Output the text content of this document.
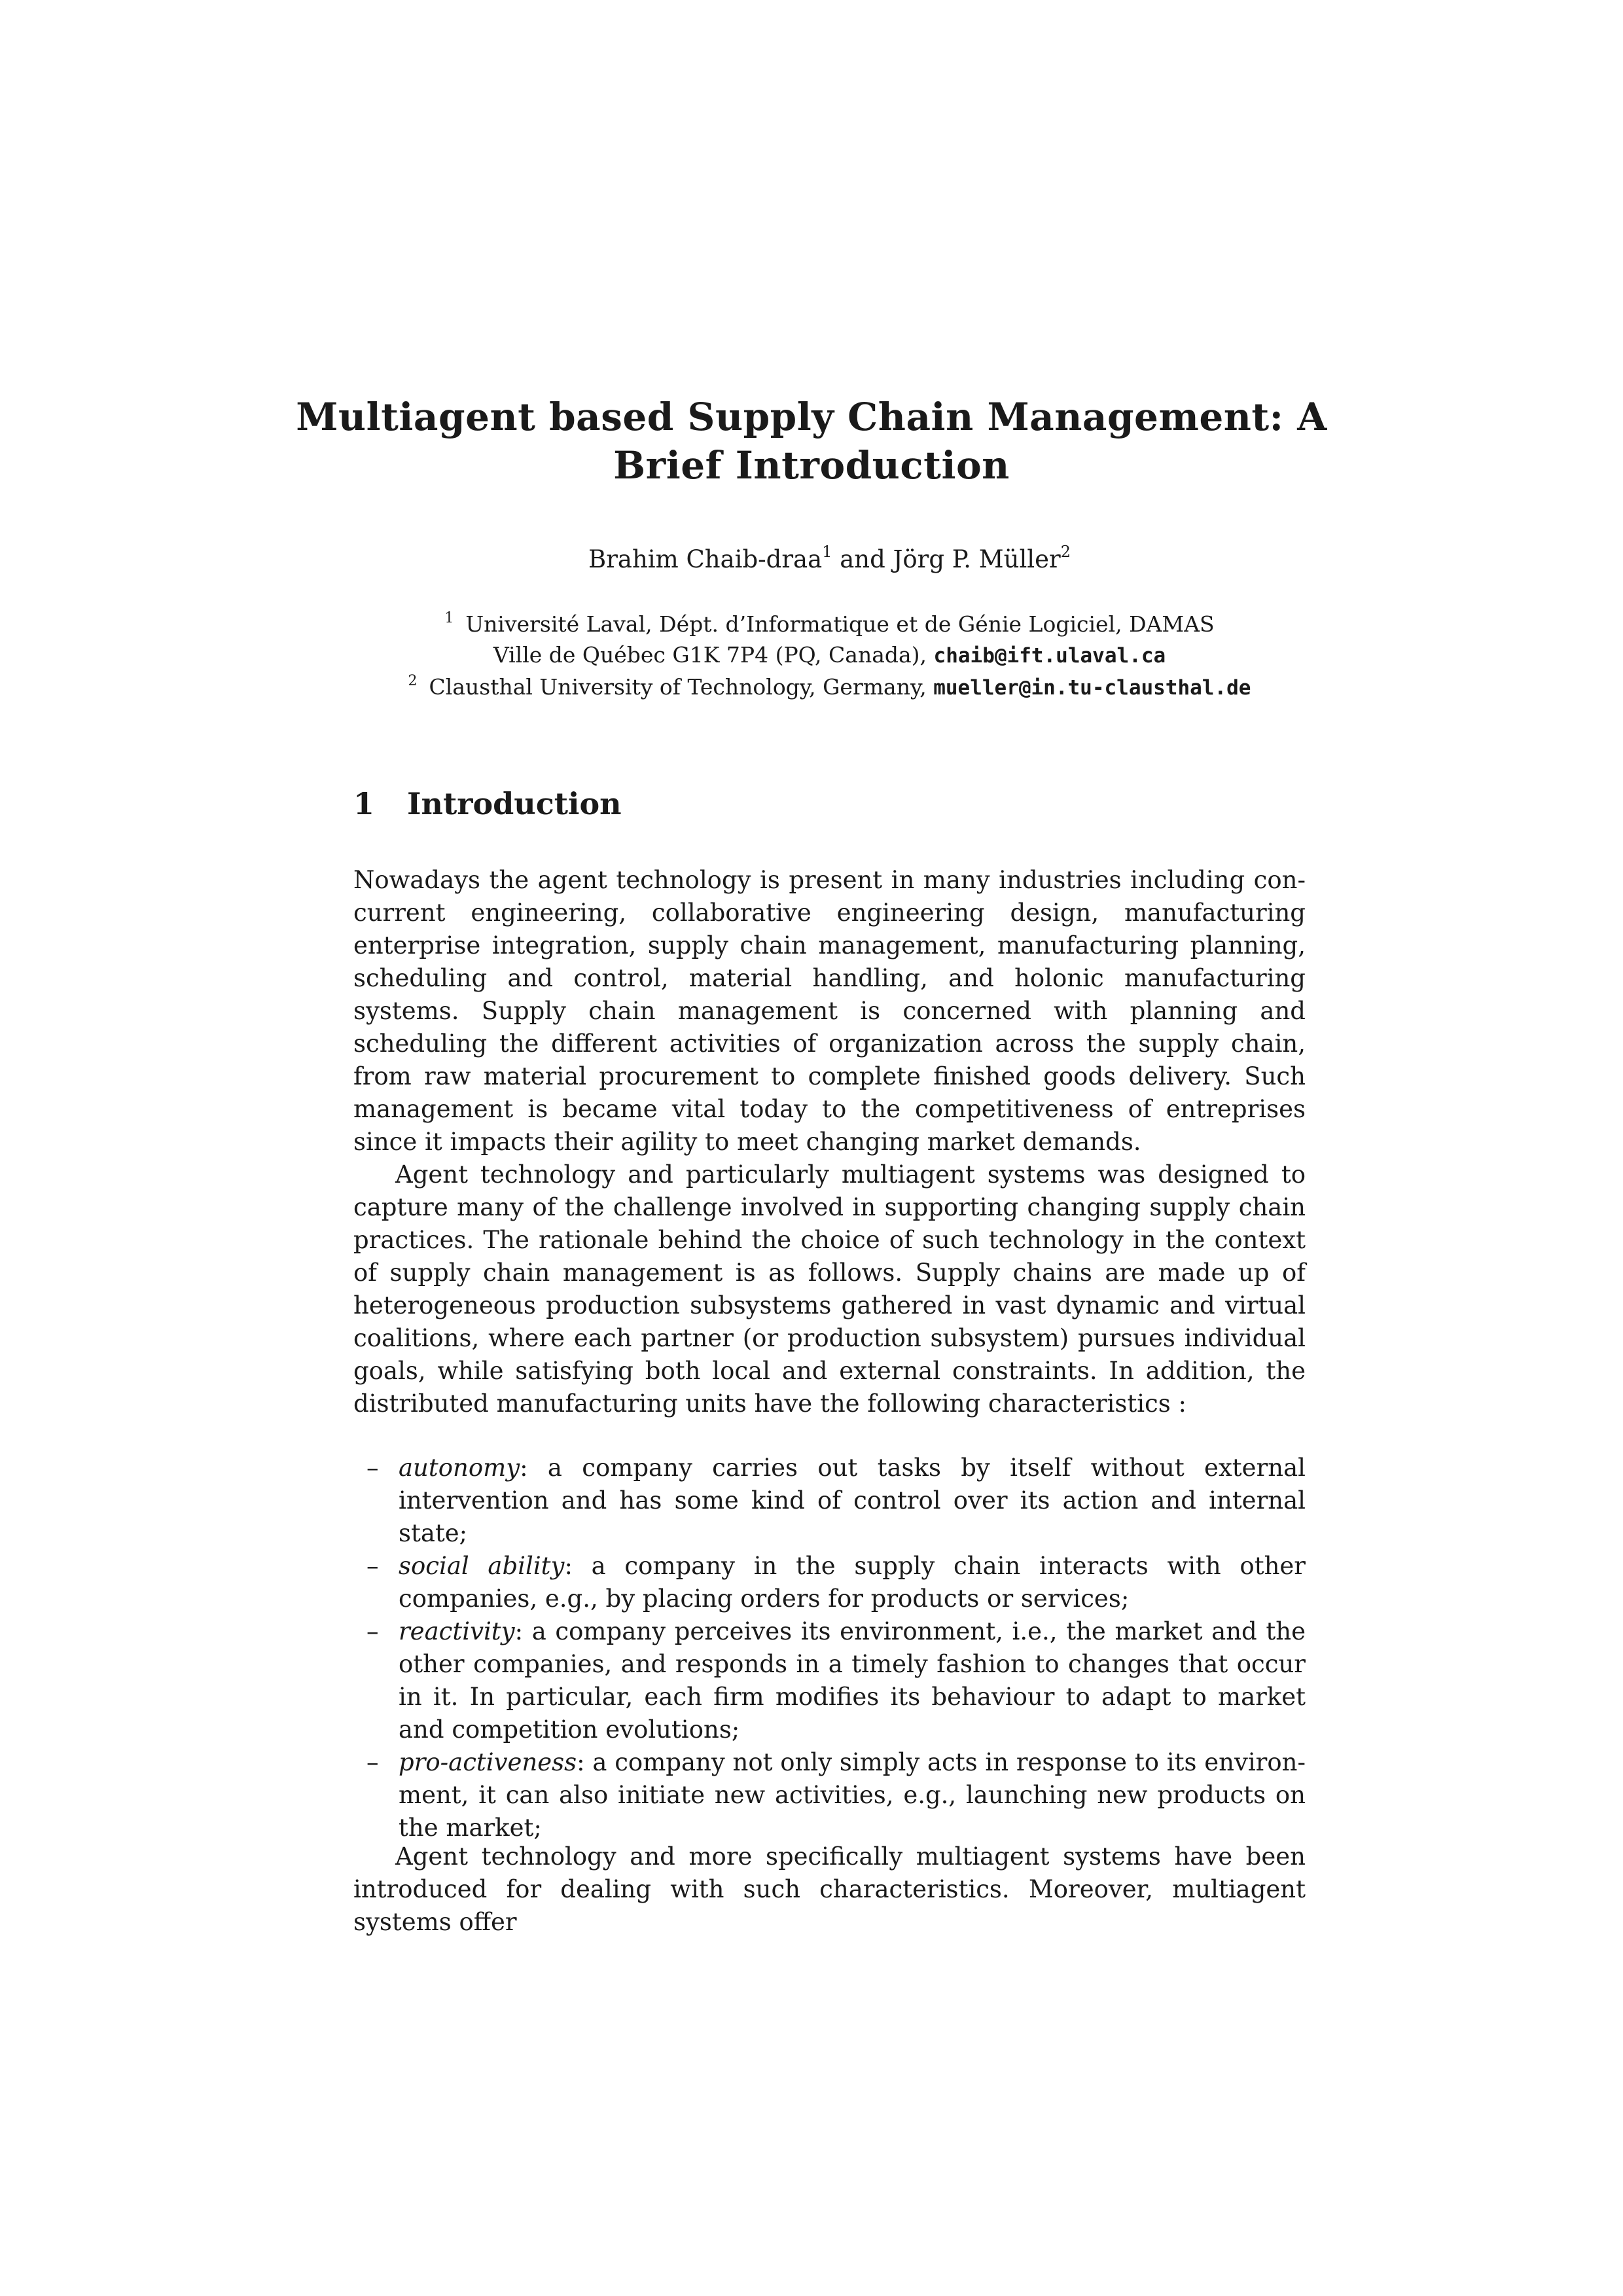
Multiagent based Supply Chain Management: A
Brief Introduction
Brahim Chaib-draa$^1$ and Jörg P. Müller$^2$
$^1$ Université Laval, Dépt. d’Informatique et de Génie Logiciel, DAMAS
Ville de Québec G1K 7P4 (PQ, Canada), chaib@ift.ulaval.ca
$^2$ Clausthal University of Technology, Germany, mueller@in.tu-clausthal.de
1 Introduction

Nowadays the agent technology is present in many industries including concurrent engineering, collaborative engineering design, manufacturing enterprise integration, supply chain management, manufacturing planning, scheduling and control, material handling, and holonic manufacturing systems. Supply chain management is concerned with planning and scheduling the different activities of organization across the supply chain, from raw material procurement to complete finished goods delivery. Such management is became vital today to the competitiveness of entreprises since it impacts their agility to meet changing market demands.

Agent technology and particularly multiagent systems was designed to capture many of the challenge involved in supporting changing supply chain practices. The rationale behind the choice of such technology in the context of supply chain management is as follows. Supply chains are made up of heterogeneous production subsystems gathered in vast dynamic and virtual coalitions, where each partner (or production subsystem) pursues individual goals, while satisfying both local and external constraints. In addition, the distributed manufacturing units have the following characteristics :

– autonomy: a company carries out tasks by itself without external intervention and has some kind of control over its action and internal state;
– social ability: a company in the supply chain interacts with other companies, e.g., by placing orders for products or services;
– reactivity: a company perceives its environment, i.e., the market and the other companies, and responds in a timely fashion to changes that occur in it. In particular, each firm modifies its behaviour to adapt to market and competition evolutions;
– pro-activeness: a company not only simply acts in response to its environment, it can also initiate new activities, e.g., launching new products on the market;

Agent technology and more specifically multiagent systems have been introduced for dealing with such characteristics. Moreover, multiagent systems offer
